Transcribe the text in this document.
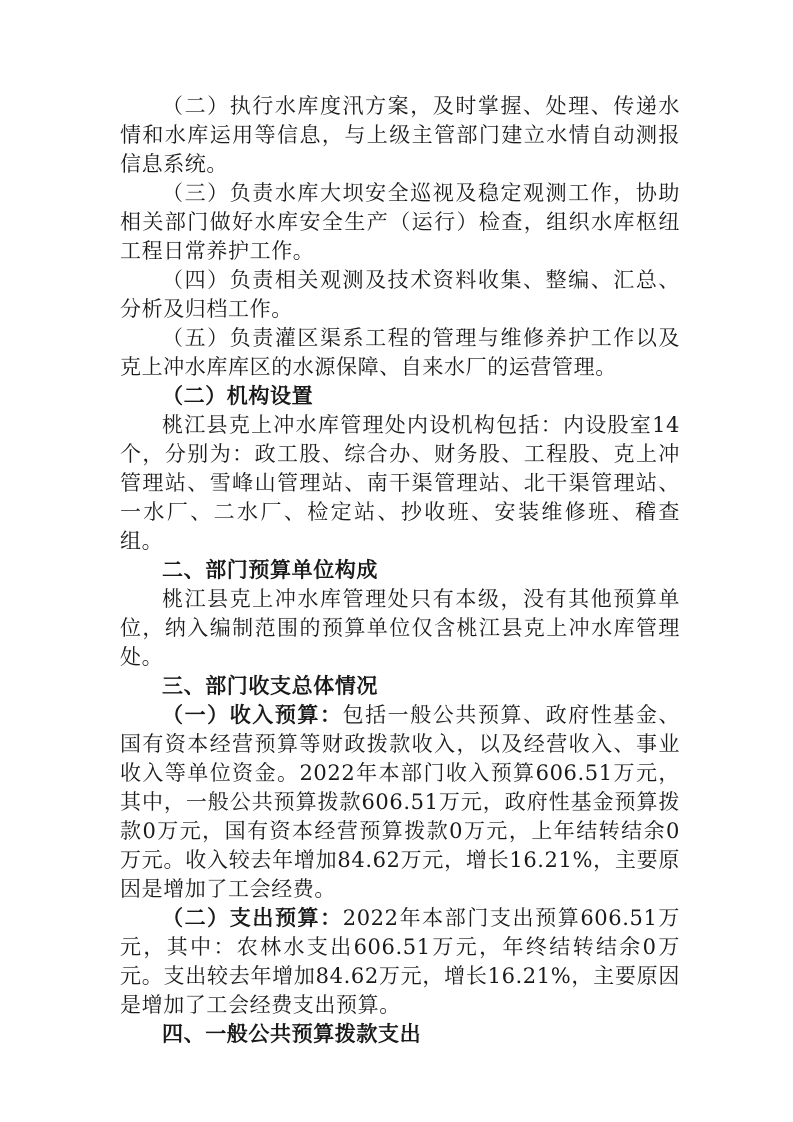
（二）执行水库度汛方案，及时掌握、处理、传递水情和水库运用等信息，与上级主管部门建立水情自动测报信息系统。

（三）负责水库大坝安全巡视及稳定观测工作，协助相关部门做好水库安全生产（运行）检查，组织水库枢纽工程日常养护工作。

（四）负责相关观测及技术资料收集、整编、汇总、分析及归档工作。

（五）负责灌区渠系工程的管理与维修养护工作以及克上冲水库库区的水源保障、自来水厂的运营管理。

（二）机构设置

桃江县克上冲水库管理处内设机构包括：内设股室14个，分别为：政工股、综合办、财务股、工程股、克上冲管理站、雪峰山管理站、南干渠管理站、北干渠管理站、一水厂、二水厂、检定站、抄收班、安装维修班、稽查组。

二、部门预算单位构成

桃江县克上冲水库管理处只有本级，没有其他预算单位，纳入编制范围的预算单位仅含桃江县克上冲水库管理处。

三、部门收支总体情况

（一）收入预算：包括一般公共预算、政府性基金、国有资本经营预算等财政拨款收入，以及经营收入、事业收入等单位资金。2022年本部门收入预算606.51万元，其中，一般公共预算拨款606.51万元，政府性基金预算拨款0万元，国有资本经营预算拨款0万元，上年结转结余0万元。收入较去年增加84.62万元，增长16.21%，主要原因是增加了工会经费。

（二）支出预算：2022年本部门支出预算606.51万元，其中：农林水支出606.51万元，年终结转结余0万元。支出较去年增加84.62万元，增长16.21%，主要原因是增加了工会经费支出预算。

四、一般公共预算拨款支出
